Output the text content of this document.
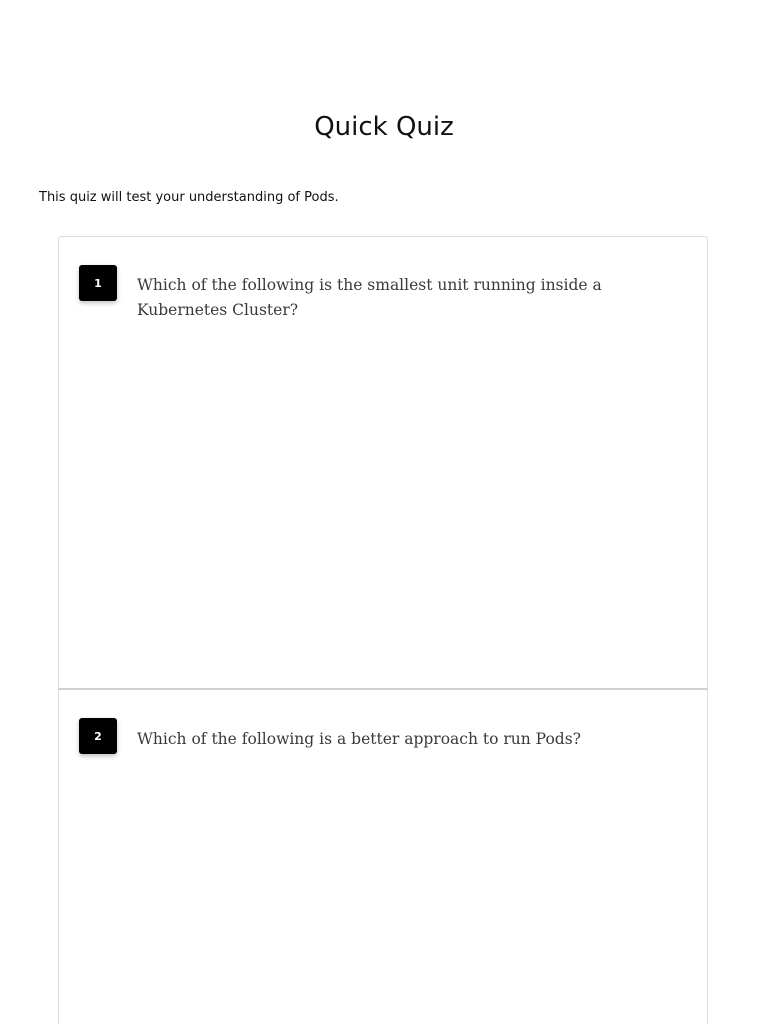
Quick Quiz

This quiz will test your understanding of Pods.

1	Which of the following is the smallest unit running inside a Kubernetes Cluster?

2	Which of the following is a better approach to run Pods?
